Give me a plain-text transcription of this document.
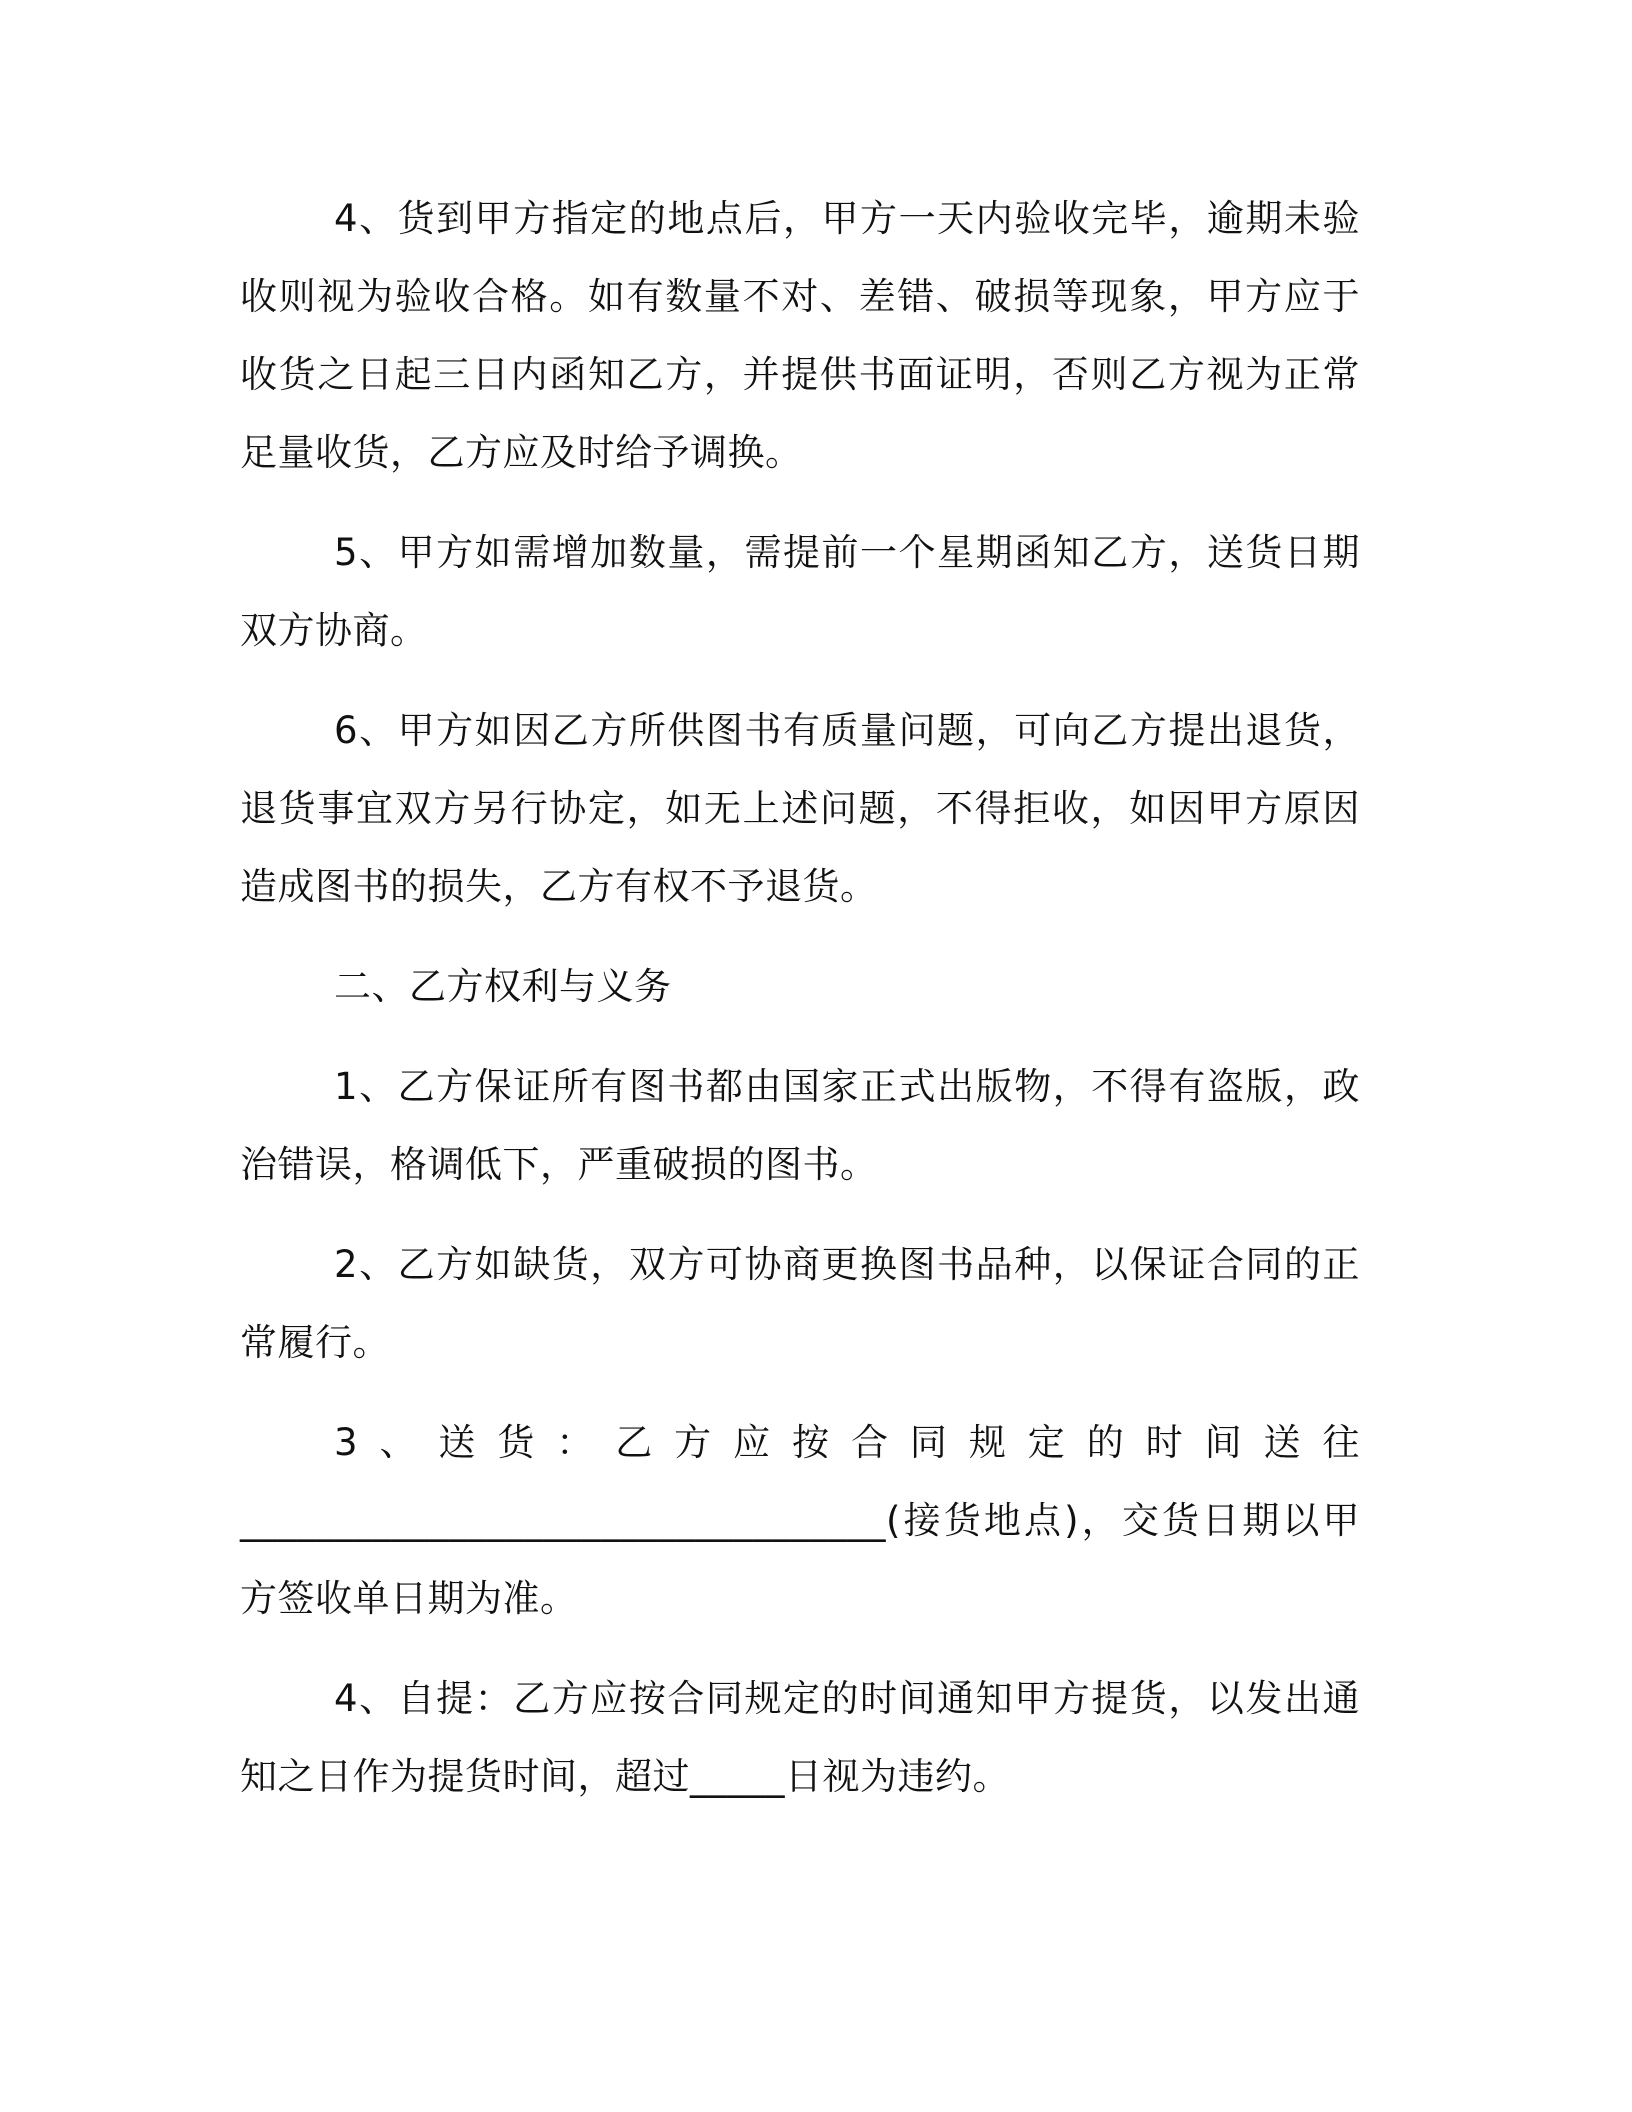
4、货到甲方指定的地点后，甲方一天内验收完毕，逾期未验收则视为验收合格。如有数量不对、差错、破损等现象，甲方应于收货之日起三日内函知乙方，并提供书面证明，否则乙方视为正常足量收货，乙方应及时给予调换。

5、甲方如需增加数量，需提前一个星期函知乙方，送货日期双方协商。

6、甲方如因乙方所供图书有质量问题，可向乙方提出退货，退货事宜双方另行协定，如无上述问题，不得拒收，如因甲方原因造成图书的损失，乙方有权不予退货。

二、乙方权利与义务

1、乙方保证所有图书都由国家正式出版物，不得有盗版，政治错误，格调低下，严重破损的图书。

2、乙方如缺货，双方可协商更换图书品种，以保证合同的正常履行。

3、送货：乙方应按合同规定的时间送往__________________________________(接货地点)，交货日期以甲方签收单日期为准。

4、自提：乙方应按合同规定的时间通知甲方提货，以发出通知之日作为提货时间，超过_____日视为违约。
